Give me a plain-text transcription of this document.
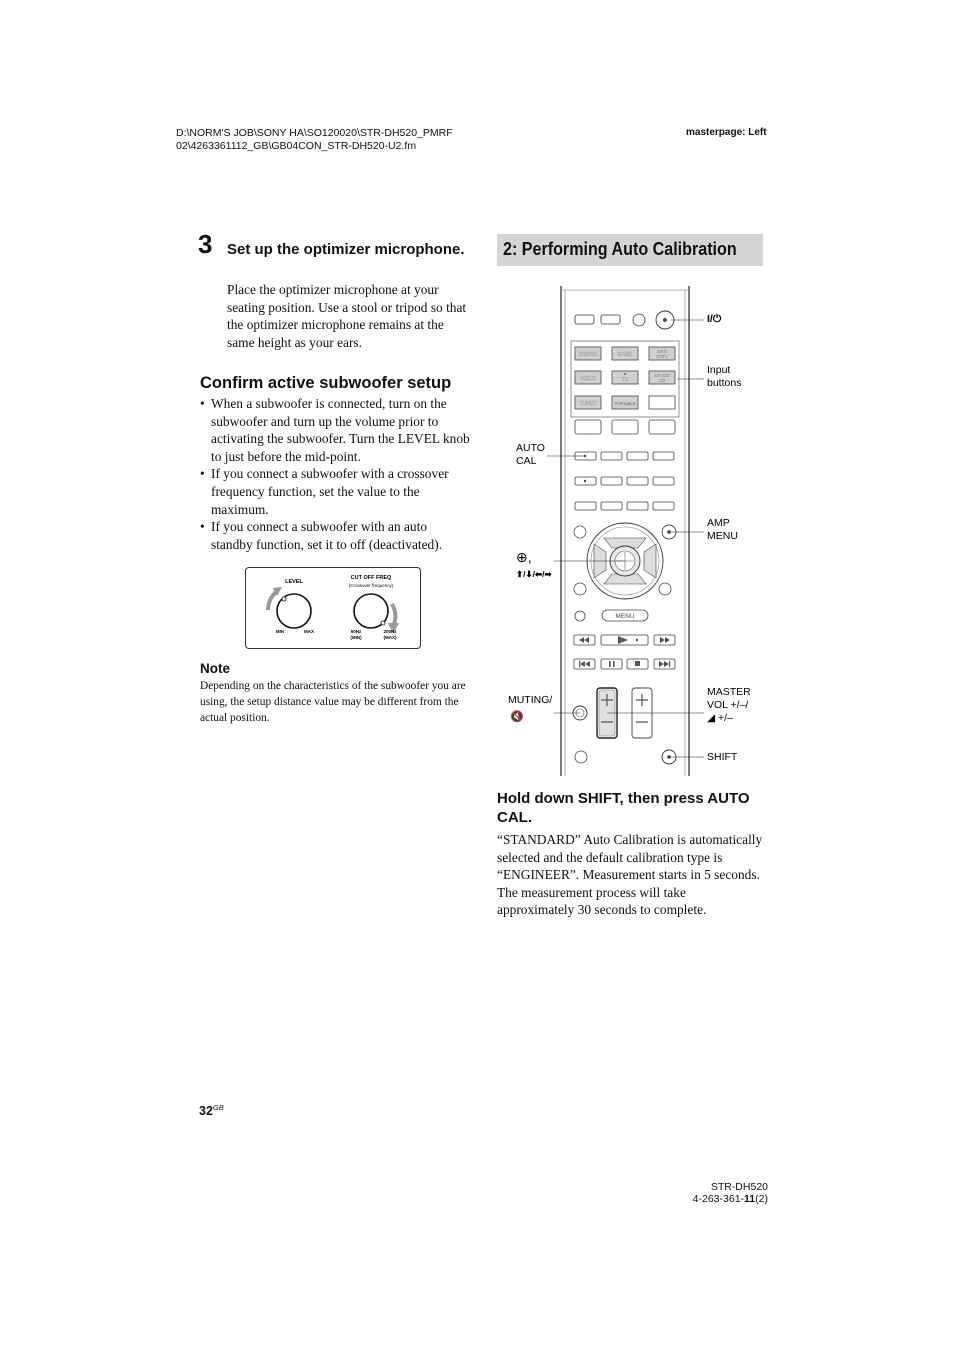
D:\NORM'S JOB\SONY HA\SO120020\STR-DH520_PMRF
02\4263361112_GB\GB04CON_STR-DH520-U2.fm
masterpage: Left
3 Set up the optimizer microphone.
Place the optimizer microphone at your seating position. Use a stool or tripod so that the optimizer microphone remains at the same height as your ears.
Confirm active subwoofer setup
• When a subwoofer is connected, turn on the subwoofer and turn up the volume prior to activating the subwoofer. Turn the LEVEL knob to just before the mid-point.
• If you connect a subwoofer with a crossover frequency function, set the value to the maximum.
• If you connect a subwoofer with an auto standby function, set it to off (deactivated).
LEVEL
MIN	MAX
CUT OFF FREQ
(Crossover frequency)
50Hz
(MIN)
200Hz
(MAX)
Note
Depending on the characteristics of the subwoofer you are using, the setup distance value may be different from the actual position.
2: Performing Auto Calibration
BD/DVD	GAME
SAT/
CATV
VIDEO	TV
SA-CD/
CD
TUNER	PORTABLE
MENU
I/⏻
Input
buttons
AUTO
CAL
AMP
MENU
⊕,
⬆/⬇/⬅/➡
MUTING/
🔇
MASTER
VOL +/–/
◢ +/–
SHIFT
Hold down SHIFT, then press AUTO CAL.
“STANDARD” Auto Calibration is automatically selected and the default calibration type is “ENGINEER”. Measurement starts in 5 seconds.
The measurement process will take approximately 30 seconds to complete.
$32^{GB}$
STR-DH520
4-263-361-11(2)
